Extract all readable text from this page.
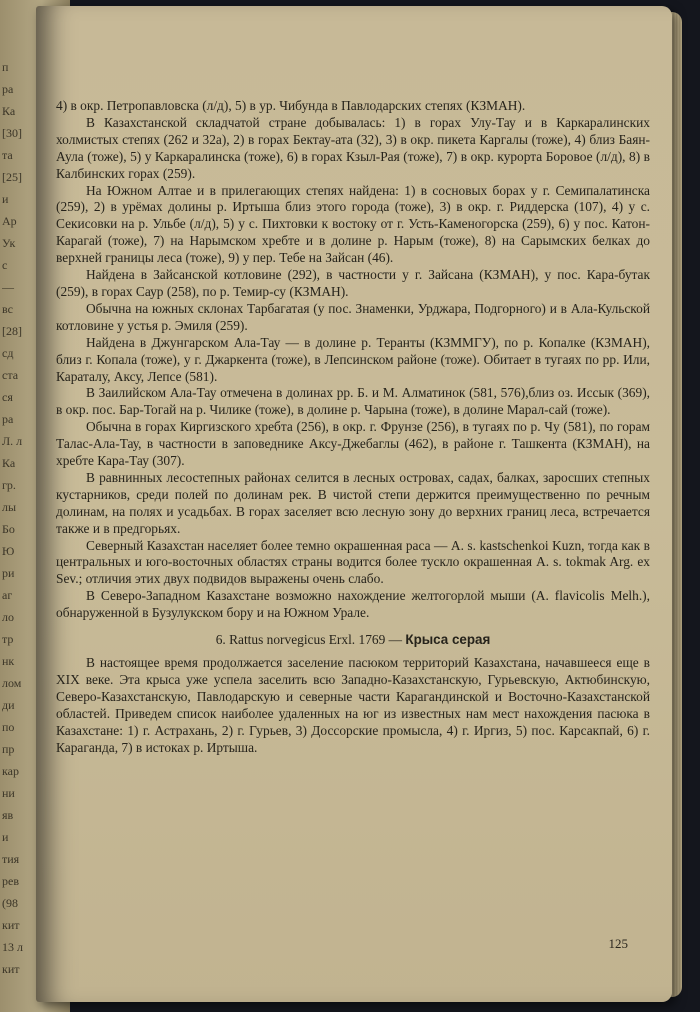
п
ра
Ка
[30]
та
[25]
и
Ар
Ук
с
—
вс
[28]
сд
ста
ся
ра
Л. л
Ка
гр.
лы
Бо
Ю
ри
аг
ло
тр
нк
лом
ди
по
пр
кар
ни
яв
и
тия
рев
(98
кит
13 л
кит

4) в окр. Петропавловска (л/д), 5) в ур. Чибунда в Павлодарских степях (КЗМАН).

В Казахстанской складчатой стране добывалась: 1) в горах Улу-Тау и в Каркаралинских холмистых степях (262 и 32а), 2) в горах Бектау-ата (32), 3) в окр. пикета Каргалы (тоже), 4) близ Баян-Аула (тоже), 5) у Каркаралинска (тоже), 6) в горах Кзыл-Рая (тоже), 7) в окр. курорта Боровое (л/д), 8) в Калбинских горах (259).

На Южном Алтае и в прилегающих степях найдена: 1) в сосновых борах у г. Семипалатинска (259), 2) в урёмах долины р. Иртыша близ этого города (тоже), 3) в окр. г. Риддерска (107), 4) у с. Секисовки на р. Ульбе (л/д), 5) у с. Пихтовки к востоку от г. Усть-Каменогорска (259), 6) у пос. Катон-Карагай (тоже), 7) на Нарымском хребте и в долине р. Нарым (тоже), 8) на Сарымских белках до верхней границы леса (тоже), 9) у пер. Тебе на Зайсан (46).

Найдена в Зайсанской котловине (292), в частности у г. Зайсана (КЗМАН), у пос. Кара-бутак (259), в горах Саур (258), по р. Темир-су (КЗМАН).

Обычна на южных склонах Тарбагатая (у пос. Знаменки, Урджара, Подгорного) и в Ала-Кульской котловине у устья р. Эмиля (259).

Найдена в Джунгарском Ала-Тау — в долине р. Теранты (КЗММГУ), по р. Копалке (КЗМАН), близ г. Копала (тоже), у г. Джаркента (тоже), в Лепсинском районе (тоже). Обитает в тугаях по рр. Или, Караталу, Аксу, Лепсе (581).

В Заилийском Ала-Тау отмечена в долинах рр. Б. и М. Алматинок (581, 576),близ оз. Иссык (369), в окр. пос. Бар-Тогай на р. Чилике (тоже), в долине р. Чарына (тоже), в долине Марал-сай (тоже).

Обычна в горах Киргизского хребта (256), в окр. г. Фрунзе (256), в тугаях по р. Чу (581), по горам Талас-Ала-Тау, в частности в заповеднике Аксу-Джебаглы (462), в районе г. Ташкента (КЗМАН), на хребте Кара-Тау (307).

В равнинных лесостепных районах селится в лесных островах, садах, балках, заросших степных кустарников, среди полей по долинам рек. В чистой степи держится преимущественно по речным долинам, на полях и усадьбах. В горах заселяет всю лесную зону до верхних границ леса, встречается также и в предгорьях.

Северный Казахстан населяет более темно окрашенная раса — A. s. kastschenkoi Kuzn, тогда как в центральных и юго-восточных областях страны водится более тускло окрашенная A. s. tokmak Arg. ex Sev.; отличия этих двух подвидов выражены очень слабо.

В Северо-Западном Казахстане возможно нахождение желтогорлой мыши (A. flavicolis Melh.), обнаруженной в Бузулукском бору и на Южном Урале.

6. Rattus norvegicus Erxl. 1769 — Крыса серая

В настоящее время продолжается заселение пасюком территорий Казахстана, начавшееся еще в XIX веке. Эта крыса уже успела заселить всю Западно-Казахстанскую, Гурьевскую, Актюбинскую, Северо-Казахстанскую, Павлодарскую и северные части Карагандинской и Восточно-Казахстанской областей. Приведем список наиболее удаленных на юг из известных нам мест нахождения пасюка в Казахстане: 1) г. Астрахань, 2) г. Гурьев, 3) Доссорские промысла, 4) г. Иргиз, 5) пос. Карсакпай, 6) г. Караганда, 7) в истоках р. Иртыша.

125
